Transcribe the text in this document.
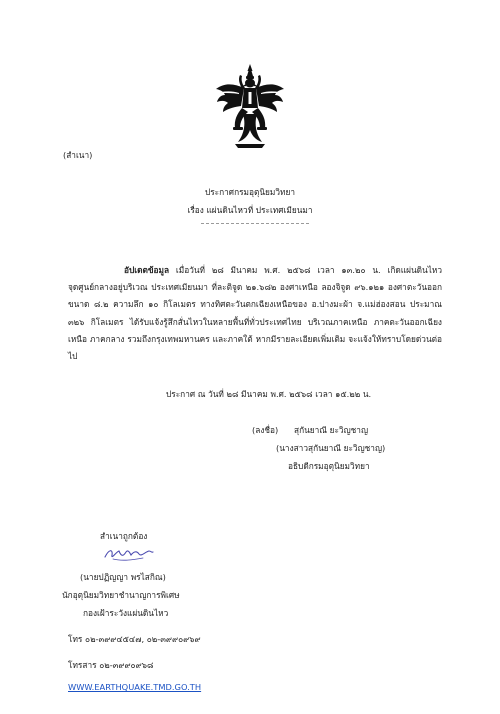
(สำเนา)
ประกาศกรมอุตุนิยมวิทยา
เรื่อง แผ่นดินไหวที่ ประเทศเมียนมา
อัปเดตข้อมูล เมื่อวันที่ ๒๘ มีนาคม พ.ศ. ๒๕๖๘ เวลา ๑๓.๒๐ น. เกิดแผ่นดินไหว จุดศูนย์กลางอยู่บริเวณ ประเทศเมียนมา ที่ละติจูด ๒๑.๖๘๒ องศาเหนือ ลองจิจูด ๙๖.๑๒๑ องศาตะวันออก ขนาด ๘.๒ ความลึก ๑๐ กิโลเมตร ทางทิศตะวันตกเฉียงเหนือของ อ.ปางมะผ้า จ.แม่ฮ่องสอน ประมาณ ๓๒๖ กิโลเมตร ได้รับแจ้งรู้สึกสั่นไหวในหลายพื้นที่ทั่วประเทศไทย บริเวณภาคเหนือ ภาคตะวันออกเฉียงเหนือ ภาคกลาง รวมถึงกรุงเทพมหานคร และภาคใต้ หากมีรายละเอียดเพิ่มเติม จะแจ้งให้ทราบโดยด่วนต่อไป
ประกาศ ณ วันที่ ๒๘ มีนาคม พ.ศ. ๒๕๖๘ เวลา ๑๕.๒๒ น.
(ลงชื่อ) สุกันยาณี ยะวิญชาญ
(นางสาวสุกันยาณี ยะวิญชาญ)
อธิบดีกรมอุตุนิยมวิทยา
สำเนาถูกต้อง
(นายปฏิญญา พรไสกิณ)
นักอุตุนิยมวิทยาชำนาญการพิเศษ
กองเฝ้าระวังแผ่นดินไหว
โทร ๐๒-๓๙๙๔๕๔๗, ๐๒-๓๙๙๐๙๖๙
โทรสาร ๐๒-๓๙๙๐๙๖๘
WWW.EARTHQUAKE.TMD.GO.TH
